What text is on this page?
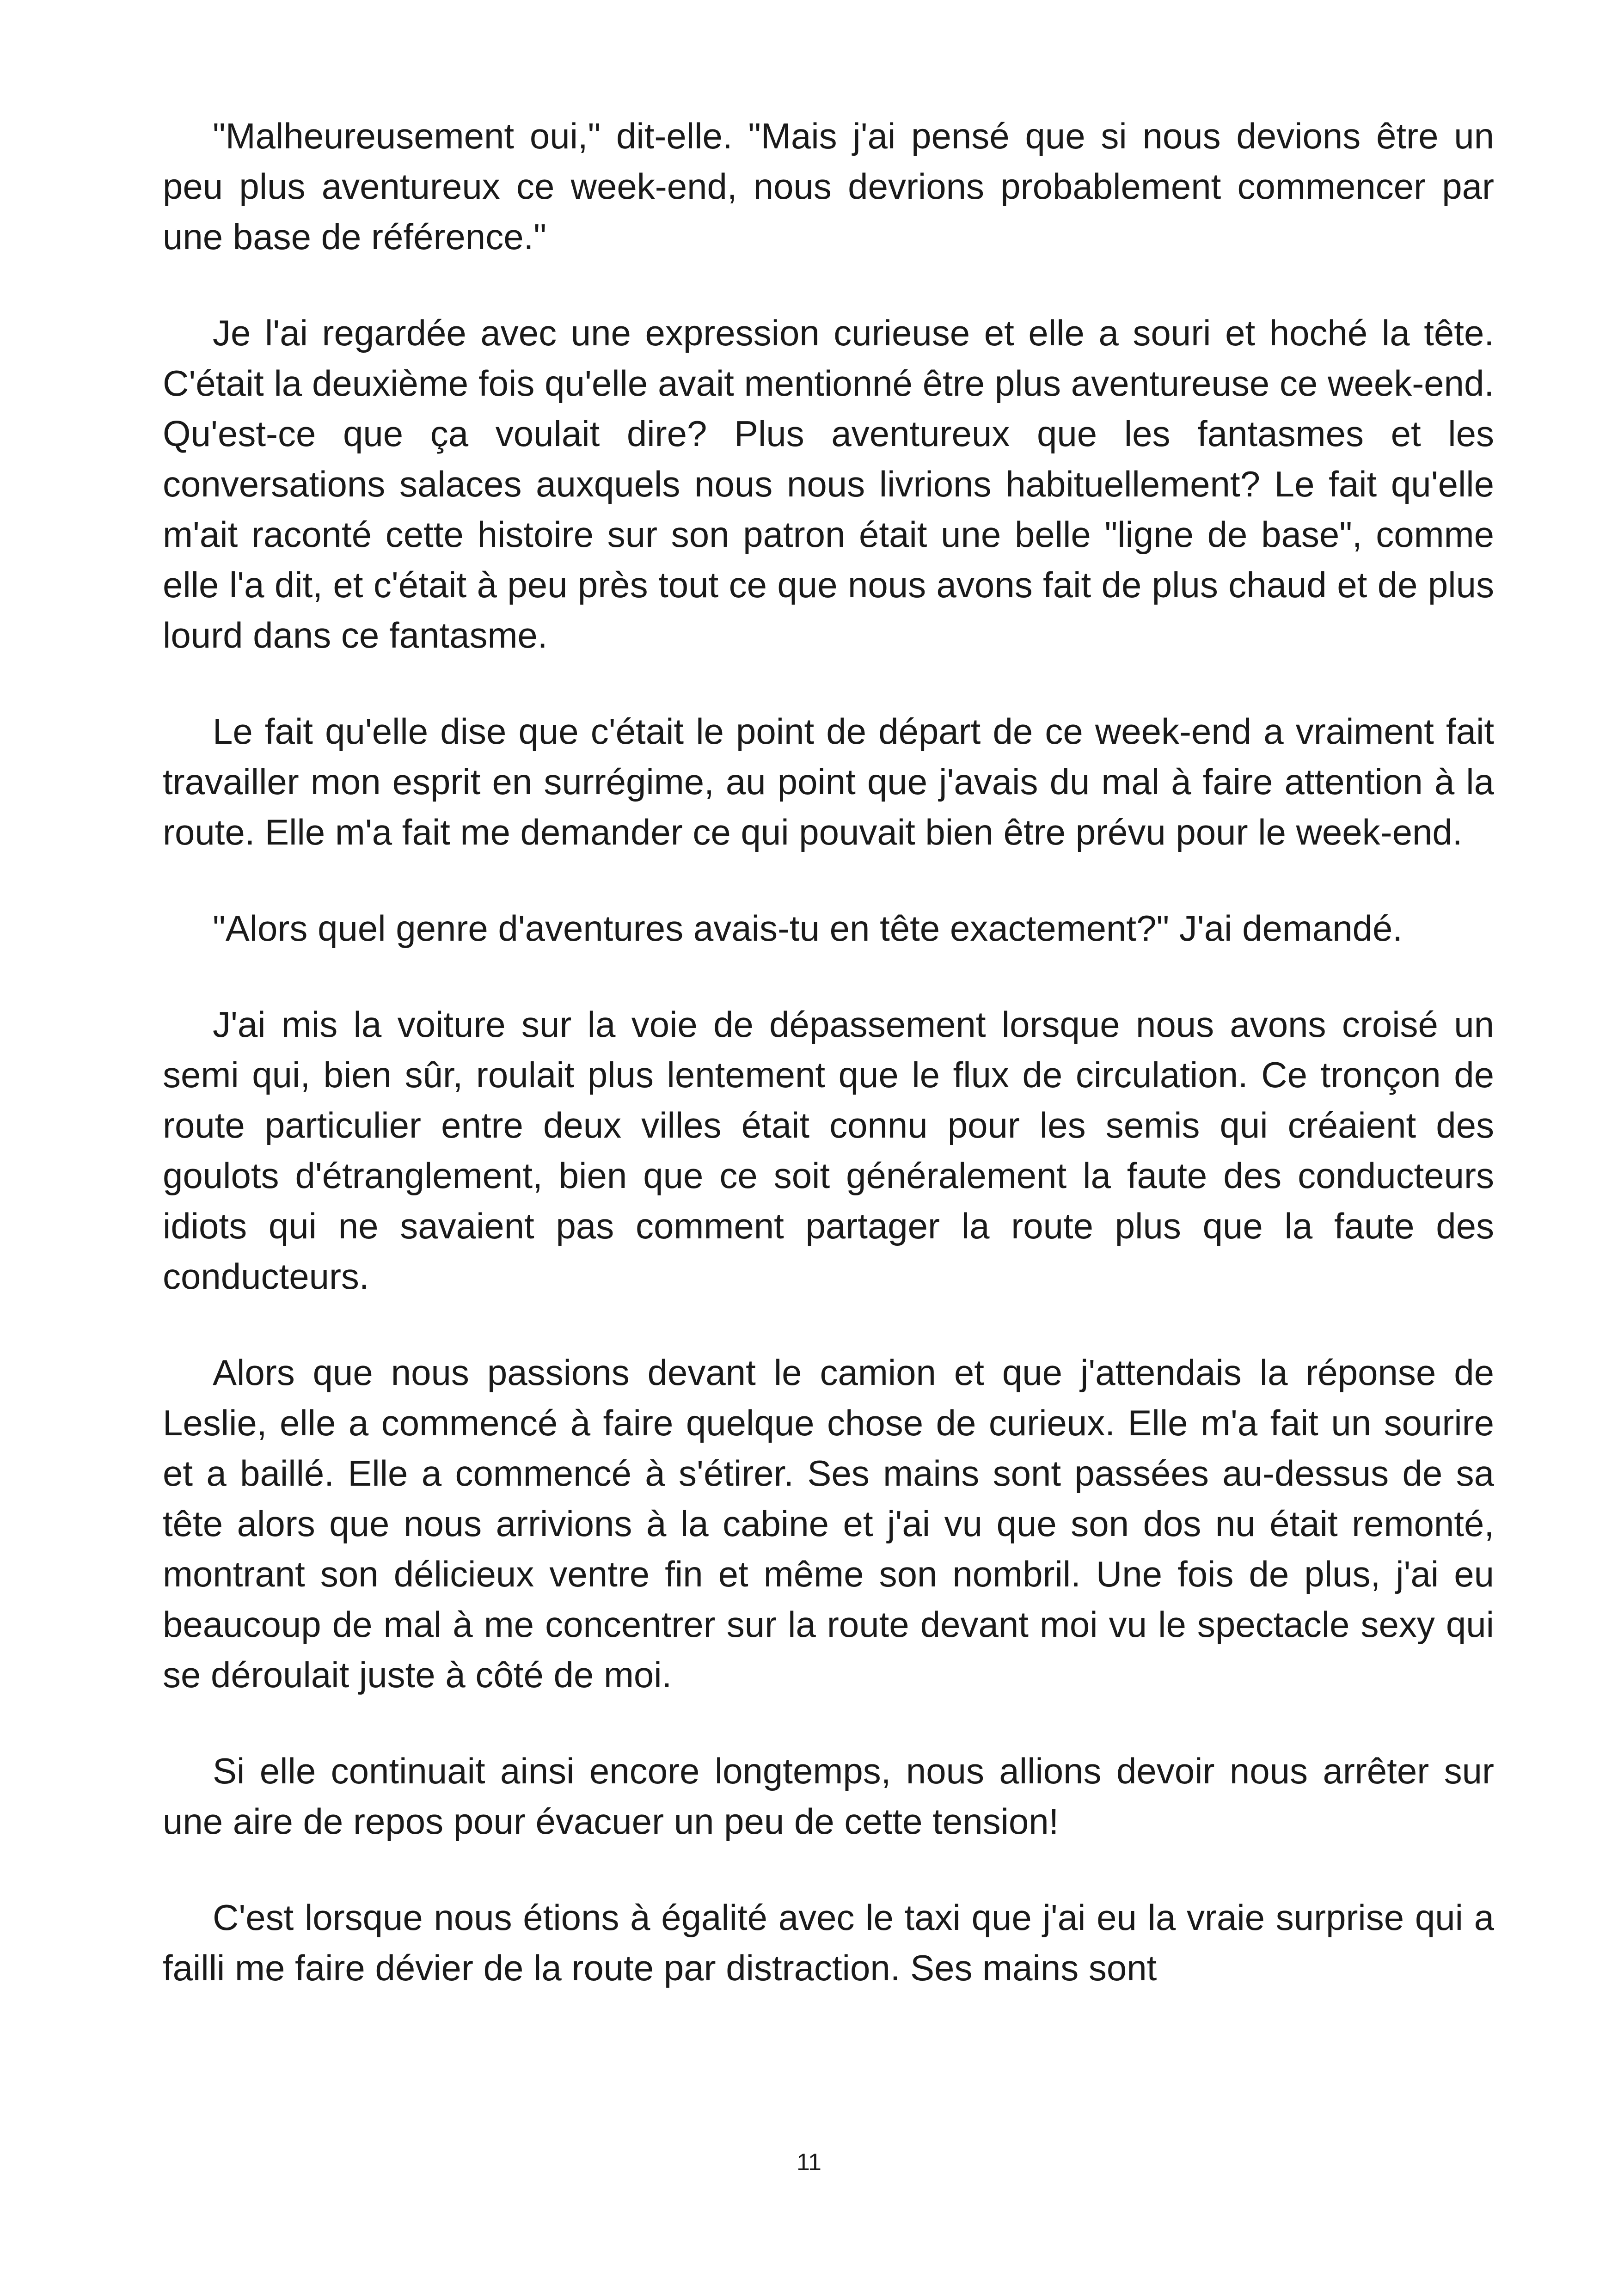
"Malheureusement oui," dit-elle. "Mais j'ai pensé que si nous devions être un peu plus aventureux ce week-end, nous devrions probablement commencer par une base de référence."

Je l'ai regardée avec une expression curieuse et elle a souri et hoché la tête. C'était la deuxième fois qu'elle avait mentionné être plus aventureuse ce week-end. Qu'est-ce que ça voulait dire? Plus aventureux que les fantasmes et les conversations salaces auxquels nous nous livrions habituellement? Le fait qu'elle m'ait raconté cette histoire sur son patron était une belle "ligne de base", comme elle l'a dit, et c'était à peu près tout ce que nous avons fait de plus chaud et de plus lourd dans ce fantasme.

Le fait qu'elle dise que c'était le point de départ de ce week-end a vraiment fait travailler mon esprit en surrégime, au point que j'avais du mal à faire attention à la route. Elle m'a fait me demander ce qui pouvait bien être prévu pour le week-end.

"Alors quel genre d'aventures avais-tu en tête exactement?" J'ai demandé.

J'ai mis la voiture sur la voie de dépassement lorsque nous avons croisé un semi qui, bien sûr, roulait plus lentement que le flux de circulation. Ce tronçon de route particulier entre deux villes était connu pour les semis qui créaient des goulots d'étranglement, bien que ce soit généralement la faute des conducteurs idiots qui ne savaient pas comment partager la route plus que la faute des conducteurs.

Alors que nous passions devant le camion et que j'attendais la réponse de Leslie, elle a commencé à faire quelque chose de curieux. Elle m'a fait un sourire et a baillé. Elle a commencé à s'étirer. Ses mains sont passées au-dessus de sa tête alors que nous arrivions à la cabine et j'ai vu que son dos nu était remonté, montrant son délicieux ventre fin et même son nombril. Une fois de plus, j'ai eu beaucoup de mal à me concentrer sur la route devant moi vu le spectacle sexy qui se déroulait juste à côté de moi.

Si elle continuait ainsi encore longtemps, nous allions devoir nous arrêter sur une aire de repos pour évacuer un peu de cette tension!

C'est lorsque nous étions à égalité avec le taxi que j'ai eu la vraie surprise qui a failli me faire dévier de la route par distraction. Ses mains sont

11
